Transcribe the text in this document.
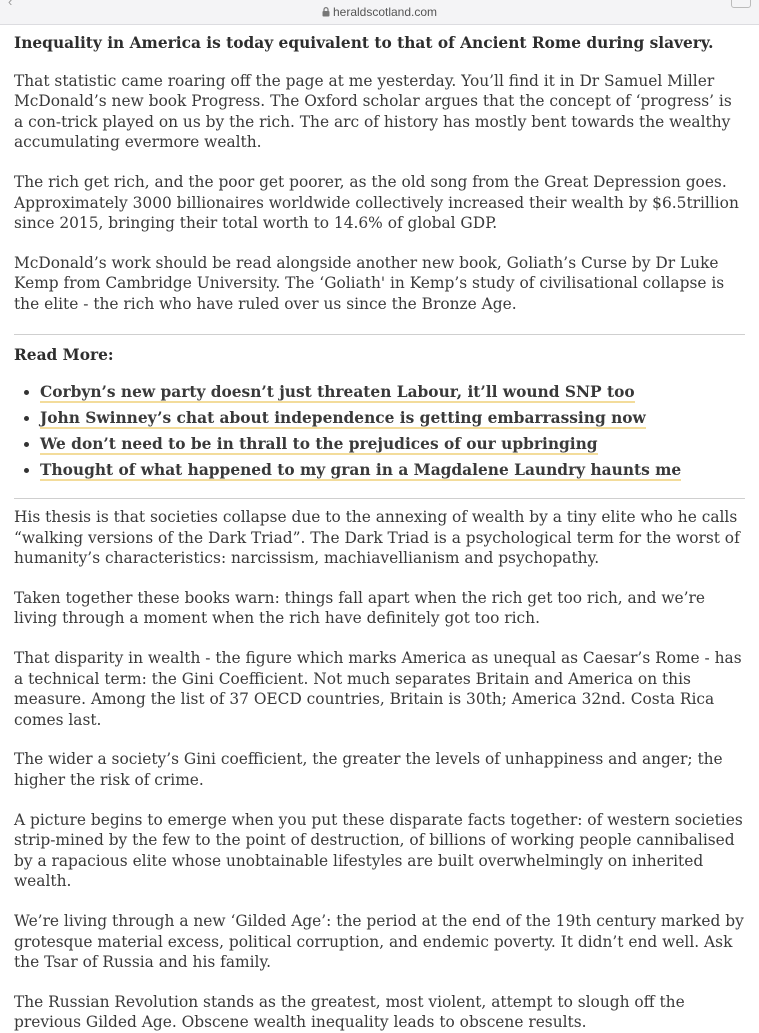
‹
heraldscotland.com

Inequality in America is today equivalent to that of Ancient Rome during slavery.

That statistic came roaring off the page at me yesterday. You’ll find it in Dr Samuel Miller McDonald’s new book Progress. The Oxford scholar argues that the concept of ‘progress’ is a con-trick played on us by the rich. The arc of history has mostly bent towards the wealthy accumulating evermore wealth.

The rich get rich, and the poor get poorer, as the old song from the Great Depression goes. Approximately 3000 billionaires worldwide collectively increased their wealth by $6.5trillion since 2015, bringing their total worth to 14.6% of global GDP.

McDonald’s work should be read alongside another new book, Goliath’s Curse by Dr Luke Kemp from Cambridge University. The ‘Goliath' in Kemp’s study of civilisational collapse is the elite - the rich who have ruled over us since the Bronze Age.

Read More:
• Corbyn’s new party doesn’t just threaten Labour, it’ll wound SNP too
• John Swinney’s chat about independence is getting embarrassing now
• We don’t need to be in thrall to the prejudices of our upbringing
• Thought of what happened to my gran in a Magdalene Laundry haunts me

His thesis is that societies collapse due to the annexing of wealth by a tiny elite who he calls “walking versions of the Dark Triad”. The Dark Triad is a psychological term for the worst of humanity’s characteristics: narcissism, machiavellianism and psychopathy.

Taken together these books warn: things fall apart when the rich get too rich, and we’re living through a moment when the rich have definitely got too rich.

That disparity in wealth - the figure which marks America as unequal as Caesar’s Rome - has a technical term: the Gini Coefficient. Not much separates Britain and America on this measure. Among the list of 37 OECD countries, Britain is 30th; America 32nd. Costa Rica comes last.

The wider a society’s Gini coefficient, the greater the levels of unhappiness and anger; the higher the risk of crime.

A picture begins to emerge when you put these disparate facts together: of western societies strip-mined by the few to the point of destruction, of billions of working people cannibalised by a rapacious elite whose unobtainable lifestyles are built overwhelmingly on inherited wealth.

We’re living through a new ‘Gilded Age’: the period at the end of the 19th century marked by grotesque material excess, political corruption, and endemic poverty. It didn’t end well. Ask the Tsar of Russia and his family.

The Russian Revolution stands as the greatest, most violent, attempt to slough off the previous Gilded Age. Obscene wealth inequality leads to obscene results.
